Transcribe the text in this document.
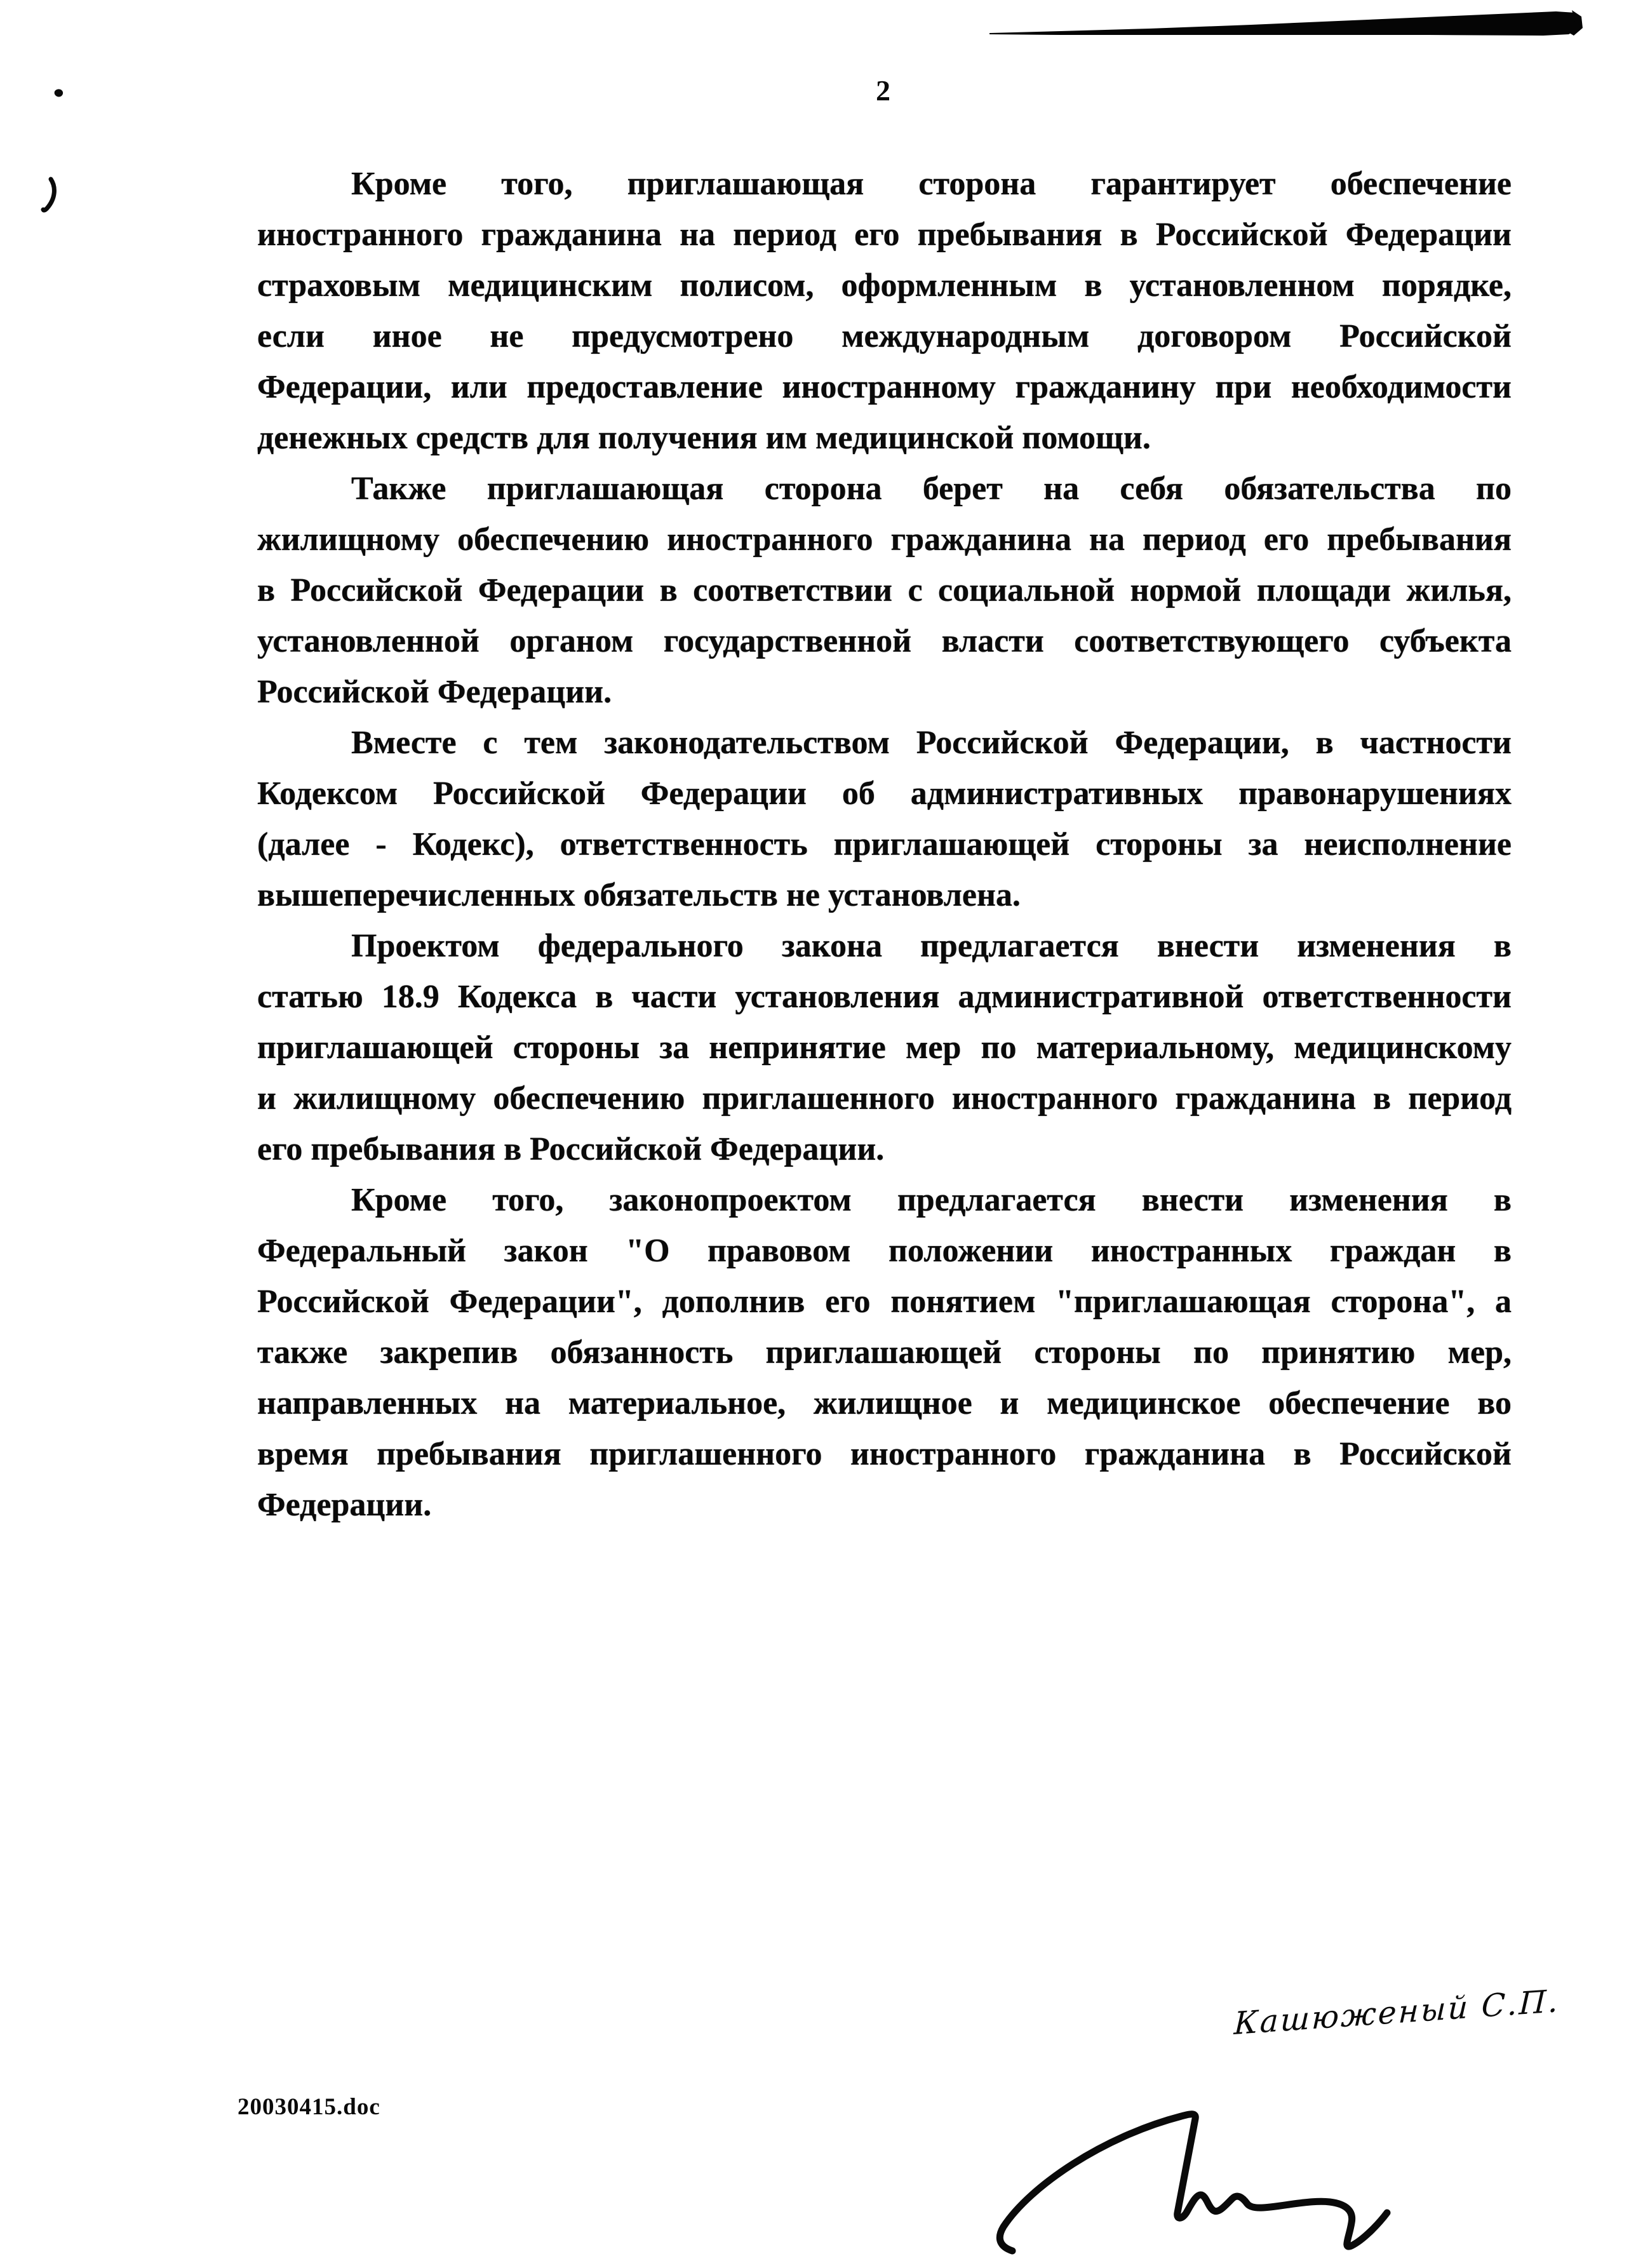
2

Кроме того, приглашающая сторона гарантирует обеспечение

иностранного гражданина на период его пребывания в Российской Федерации

страховым медицинским полисом, оформленным в установленном порядке,

если иное не предусмотрено международным договором Российской

Федерации, или предоставление иностранному гражданину при необходимости

денежных средств для получения им медицинской помощи.

Также приглашающая сторона берет на себя обязательства по

жилищному обеспечению иностранного гражданина на период его пребывания

в Российской Федерации в соответствии с социальной нормой площади жилья,

установленной органом государственной власти соответствующего субъекта

Российской Федерации.

Вместе с тем законодательством Российской Федерации, в частности

Кодексом Российской Федерации об административных правонарушениях

(далее - Кодекс), ответственность приглашающей стороны за неисполнение

вышеперечисленных обязательств не установлена.

Проектом федерального закона предлагается внести изменения в

статью 18.9 Кодекса в части установления административной ответственности

приглашающей стороны за непринятие мер по материальному, медицинскому

и жилищному обеспечению приглашенного иностранного гражданина в период

его пребывания в Российской Федерации.

Кроме того, законопроектом предлагается внести изменения в

Федеральный закон "О правовом положении иностранных граждан в

Российской Федерации", дополнив его понятием "приглашающая сторона", а

также закрепив обязанность приглашающей стороны по принятию мер,

направленных на материальное, жилищное и медицинское обеспечение во

время пребывания приглашенного иностранного гражданина в Российской

Федерации.

20030415.doc
Кашюженый С.П.
